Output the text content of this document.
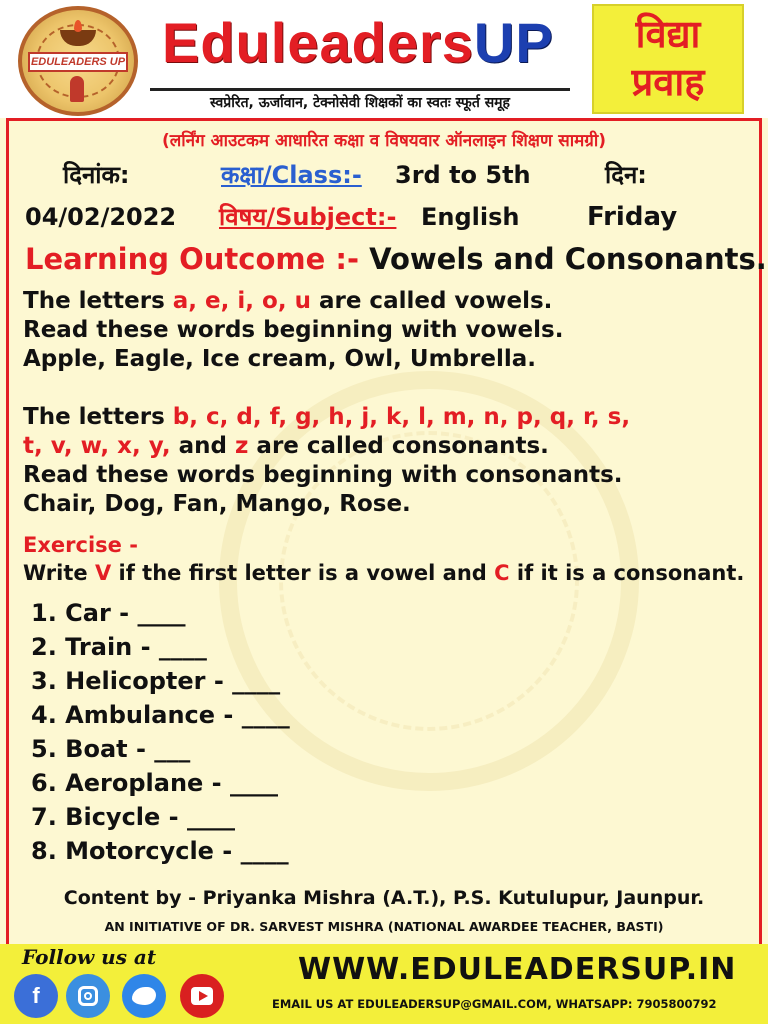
EDULEADERS UP EduleadersUP
स्वप्रेरित, ऊर्जावान, टेक्नोसेवी शिक्षकों का स्वतः स्फूर्त समूह
विद्या
प्रवाह
(लर्निंग आउटकम आधारित कक्षा व विषयवार ऑनलाइन शिक्षण सामग्री)
दिनांक:	कक्षा/Class:- 3rd to 5th	दिन:
04/02/2022 विषय/Subject:- English	Friday
Learning Outcome :- Vowels and Consonants.
The letters a, e, i, o, u are called vowels.
Read these words beginning with vowels.
Apple, Eagle, Ice cream, Owl, Umbrella.
The letters b, c, d, f, g, h, j, k, l, m, n, p, q, r, s,
t, v, w, x, y, and z are called consonants.
Read these words beginning with consonants.
Chair, Dog, Fan, Mango, Rose.
Exercise -
Write V if the first letter is a vowel and C if it is a consonant.
1. Car - ____
2. Train - ____
3. Helicopter - ____
4. Ambulance - ____
5. Boat - ___
6. Aeroplane - ____
7. Bicycle - ____
8. Motorcycle - ____
Content by - Priyanka Mishra (A.T.), P.S. Kutulupur, Jaunpur.
AN INITIATIVE OF DR. SARVEST MISHRA (NATIONAL AWARDEE TEACHER, BASTI)
Follow us at
f
WWW.EDULEADERSUP.IN
EMAIL US AT EDULEADERSUP@GMAIL.COM, WHATSAPP: 7905800792
